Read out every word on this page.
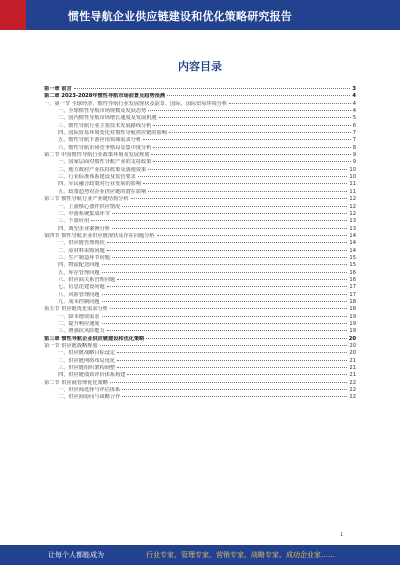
惯性导航企业供应链建设和优化策略研究报告
内容目录
第一章 前言	3
第二章 2023-2028年惯性导航市场前景及趋势预测	4
一、第一节 全球经济、惯性导航行业发展现状及前景、国际、国际贸易环境分析	4
一、全球惯性导航市场规模及发展态势	4
二、国内惯性导航市场增长速度及发展机遇	5
三、惯性导航行业主要技术发展路线分析	6
四、国际贸易环境变化对惯性导航供应链的影响	7
五、惯性导航下游应用领域需求分析	7
六、惯性导航市场竞争格局及集中度分析	8
第二节 中国惯性导航行业政策环境及发展规划	9
一、国家层面对惯性导航产业的支持政策	9
二、地方政府产业扶持政策及落地效果	10
三、行业标准体系建设及监管要求	10
四、军民融合政策对行业发展的影响	11
五、政策趋势对企业供应链的潜在影响	11
第三节 惯性导航行业产业链结构分析	12
一、上游核心器件供应情况	12
二、中游系统集成环节	12
三、下游应用	13
四、典型企业案例分析	13
第四节 惯性导航企业供应链现状及存在问题分析	14
一、供应链管理现状	14
二、原材料采购问题	14
三、生产制造环节问题	15
四、物流配送问题	15
五、库存管理问题	16
六、供应商关系管理问题	16
七、信息化建设问题	17
八、风险管理问题	17
九、成本控制问题	18
第五节 供应链优化需求分析	18
一、降本增效需求	19
二、提升响应速度	19
三、增强抗风险能力	19
第三章 惯性导航企业供应链建设和优化策略	20
第一节 供应链战略规划	20
一、供应链战略目标设定	20
二、供应链网络布局优化	21
三、供应链组织架构调整	21
四、供应链绩效评价体系构建	21
第二节 供应商管理优化策略	22
一、供应商选择与评估体系	22
二、供应商协同与战略合作	22
1
让每个人都能成为	行业专家、管理专家、营销专家、战略专家、成功企业家……
